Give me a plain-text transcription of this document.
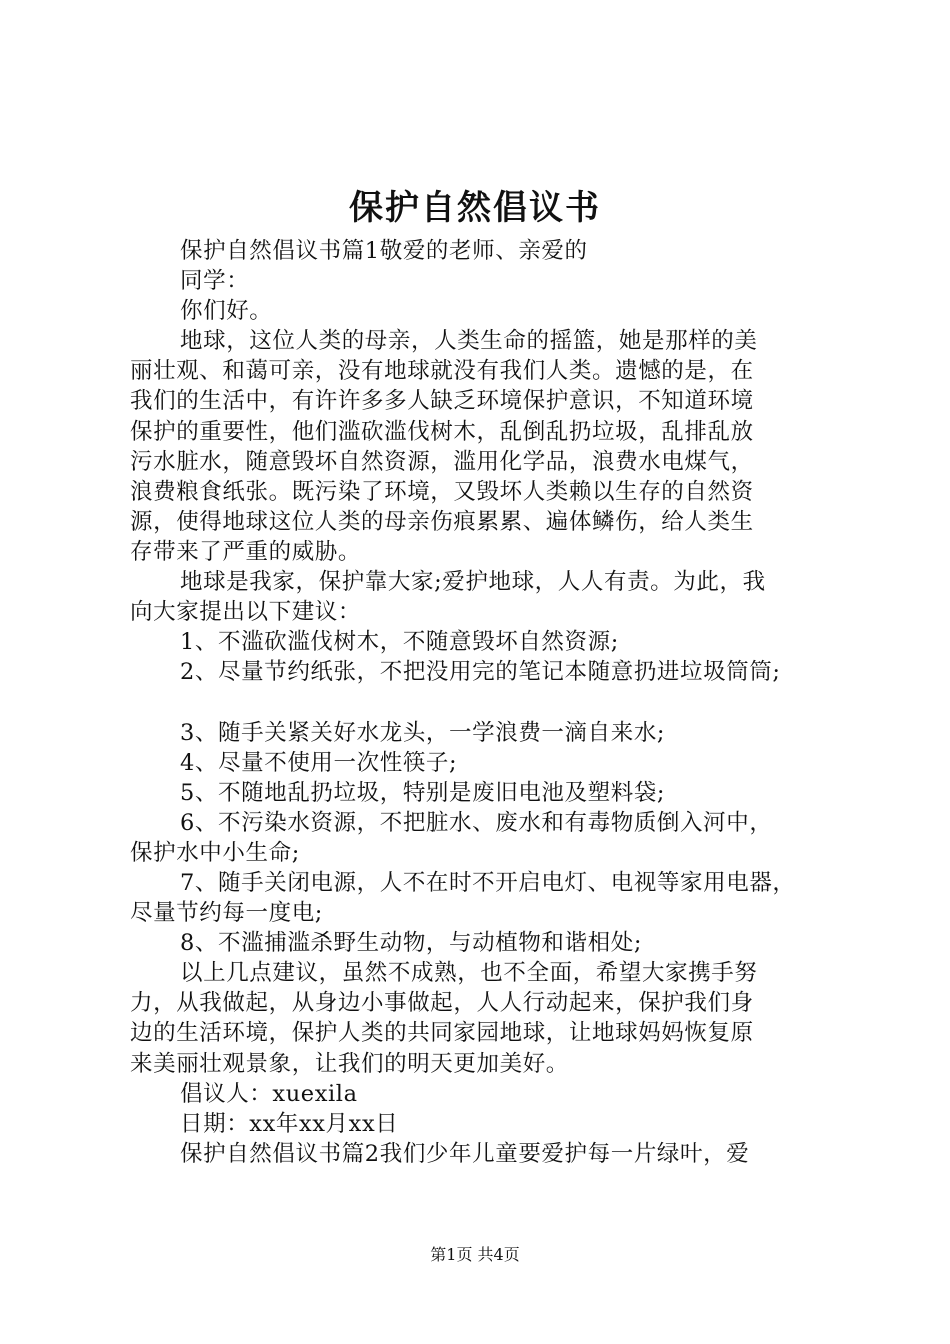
保护自然倡议书
保护自然倡议书篇1敬爱的老师、亲爱的
同学：
你们好。
地球，这位人类的母亲，人类生命的摇篮，她是那样的美
丽壮观、和蔼可亲，没有地球就没有我们人类。遗憾的是，在
我们的生活中，有许许多多人缺乏环境保护意识，不知道环境
保护的重要性，他们滥砍滥伐树木，乱倒乱扔垃圾，乱排乱放
污水脏水，随意毁坏自然资源，滥用化学品，浪费水电煤气，
浪费粮食纸张。既污染了环境，又毁坏人类赖以生存的自然资
源，使得地球这位人类的母亲伤痕累累、遍体鳞伤，给人类生
存带来了严重的威胁。
地球是我家，保护靠大家;爱护地球，人人有责。为此，我
向大家提出以下建议：
1、不滥砍滥伐树木，不随意毁坏自然资源;
2、尽量节约纸张，不把没用完的笔记本随意扔进垃圾筒筒;
3、随手关紧关好水龙头，一学浪费一滴自来水;
4、尽量不使用一次性筷子;
5、不随地乱扔垃圾，特别是废旧电池及塑料袋;
6、不污染水资源，不把脏水、废水和有毒物质倒入河中，
保护水中小生命;
7、随手关闭电源，人不在时不开启电灯、电视等家用电器，
尽量节约每一度电;
8、不滥捕滥杀野生动物，与动植物和谐相处;
以上几点建议，虽然不成熟，也不全面，希望大家携手努
力，从我做起，从身边小事做起，人人行动起来，保护我们身
边的生活环境，保护人类的共同家园地球，让地球妈妈恢复原
来美丽壮观景象，让我们的明天更加美好。
倡议人：xuexila
日期：xx年xx月xx日
保护自然倡议书篇2我们少年儿童要爱护每一片绿叶，爱
第1页 共4页
